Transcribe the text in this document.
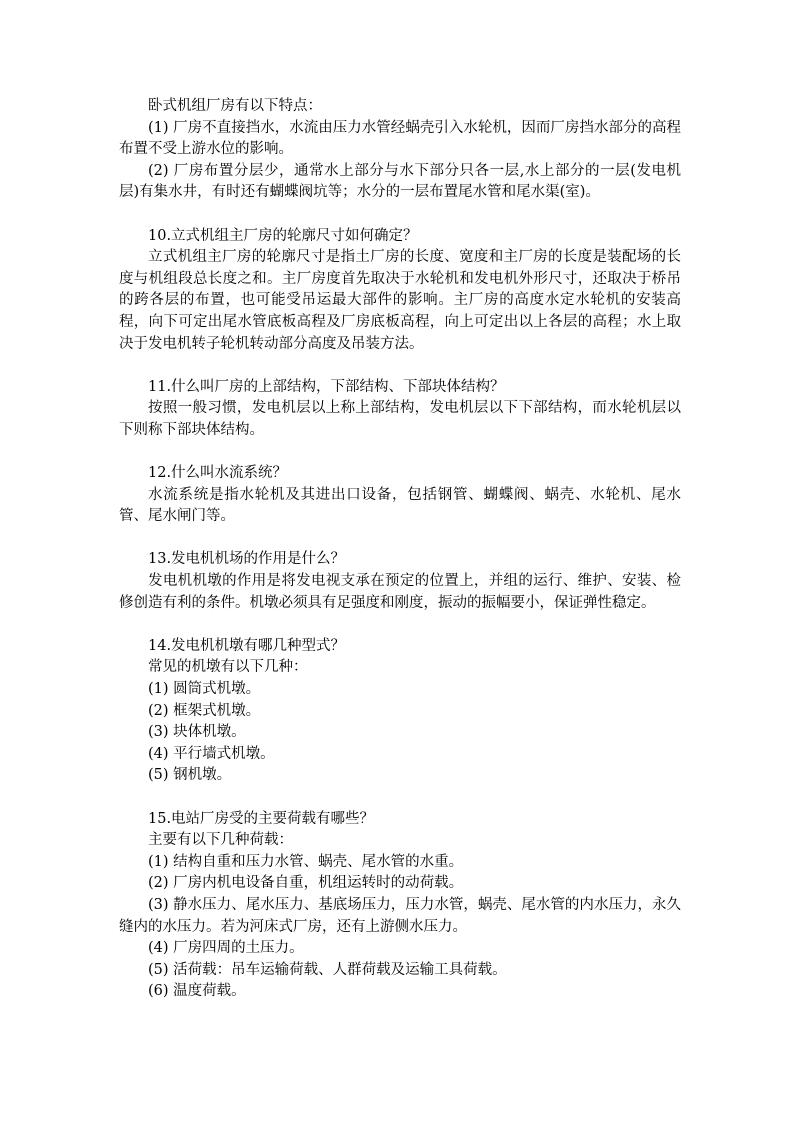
卧式机组厂房有以下特点：

(1) 厂房不直接挡水，水流由压力水管经蜗壳引入水轮机，因而厂房挡水部分的高程布置不受上游水位的影响。

(2) 厂房布置分层少，通常水上部分与水下部分只各一层,水上部分的一层(发电机层)有集水井，有时还有蝴蝶阀坑等；水分的一层布置尾水管和尾水渠(室)。

10.立式机组主厂房的轮廓尺寸如何确定？

立式机组主厂房的轮廓尺寸是指土厂房的长度、宽度和主厂房的长度是装配场的长度与机组段总长度之和。主厂房度首先取决于水轮机和发电机外形尺寸，还取决于桥吊的跨各层的布置，也可能受吊运最大部件的影响。主厂房的高度水定水轮机的安装高程，向下可定出尾水管底板高程及厂房底板高程，向上可定出以上各层的高程；水上取决于发电机转子轮机转动部分高度及吊装方法。

11.什么叫厂房的上部结构，下部结构、下部块体结构？

按照一般习惯，发电机层以上称上部结构，发电机层以下下部结构，而水轮机层以下则称下部块体结构。

12.什么叫水流系统？

水流系统是指水轮机及其进出口设备，包括钢管、蝴蝶阀、蜗壳、水轮机、尾水管、尾水闸门等。

13.发电机机场的作用是什么？

发电机机墩的作用是将发电视支承在预定的位置上，并组的运行、维护、安装、检修创造有利的条件。机墩必须具有足强度和刚度，振动的振幅要小，保证弹性稳定。

14.发电机机墩有哪几种型式？

常见的机墩有以下几种：

(1) 圆筒式机墩。

(2) 框架式机墩。

(3) 块体机墩。

(4) 平行墙式机墩。

(5) 钢机墩。

15.电站厂房受的主要荷载有哪些？

主要有以下几种荷载：

(1) 结构自重和压力水管、蜗壳、尾水管的水重。

(2) 厂房内机电设备自重，机组运转时的动荷载。

(3) 静水压力、尾水压力、基底场压力，压力水管，蜗壳、尾水管的内水压力，永久缝内的水压力。若为河床式厂房，还有上游侧水压力。

(4) 厂房四周的土压力。

(5) 活荷载：吊车运输荷载、人群荷载及运输工具荷载。

(6) 温度荷载。
